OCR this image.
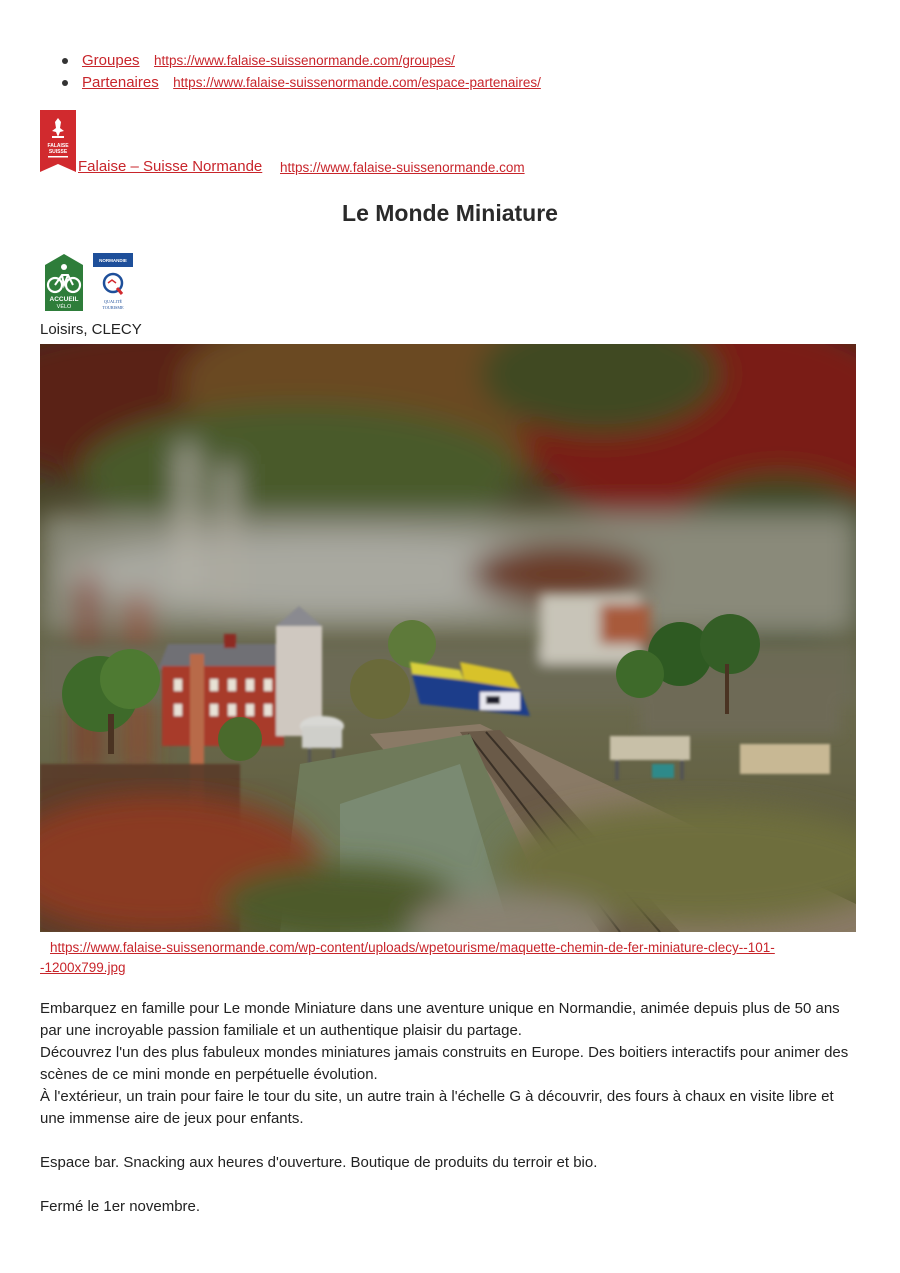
Groupes https://www.falaise-suissenormande.com/groupes/
Partenaires https://www.falaise-suissenormande.com/espace-partenaires/
FALAISE
SUISSE
Falaise – Suisse Normande https://www.falaise-suissenormande.com
Le Monde Miniature
ACCUEIL
VÉLO
NORMANDIE
QUALITÉ
TOURISME
Loisirs, CLECY
https://www.falaise-suissenormande.com/wp-content/uploads/wpetourisme/maquette-chemin-de-fer-miniature-clecy--101-
-1200x799.jpg

Embarquez en famille pour Le monde Miniature dans une aventure unique en Normandie, animée depuis plus de 50 ans par une incroyable passion familiale et un authentique plaisir du partage.

Découvrez l'un des plus fabuleux mondes miniatures jamais construits en Europe. Des boitiers interactifs pour animer des scènes de ce mini monde en perpétuelle évolution.

À l'extérieur, un train pour faire le tour du site, un autre train à l'échelle G à découvrir, des fours à chaux en visite libre et une immense aire de jeux pour enfants.

Espace bar. Snacking aux heures d'ouverture. Boutique de produits du terroir et bio.

Fermé le 1er novembre.
